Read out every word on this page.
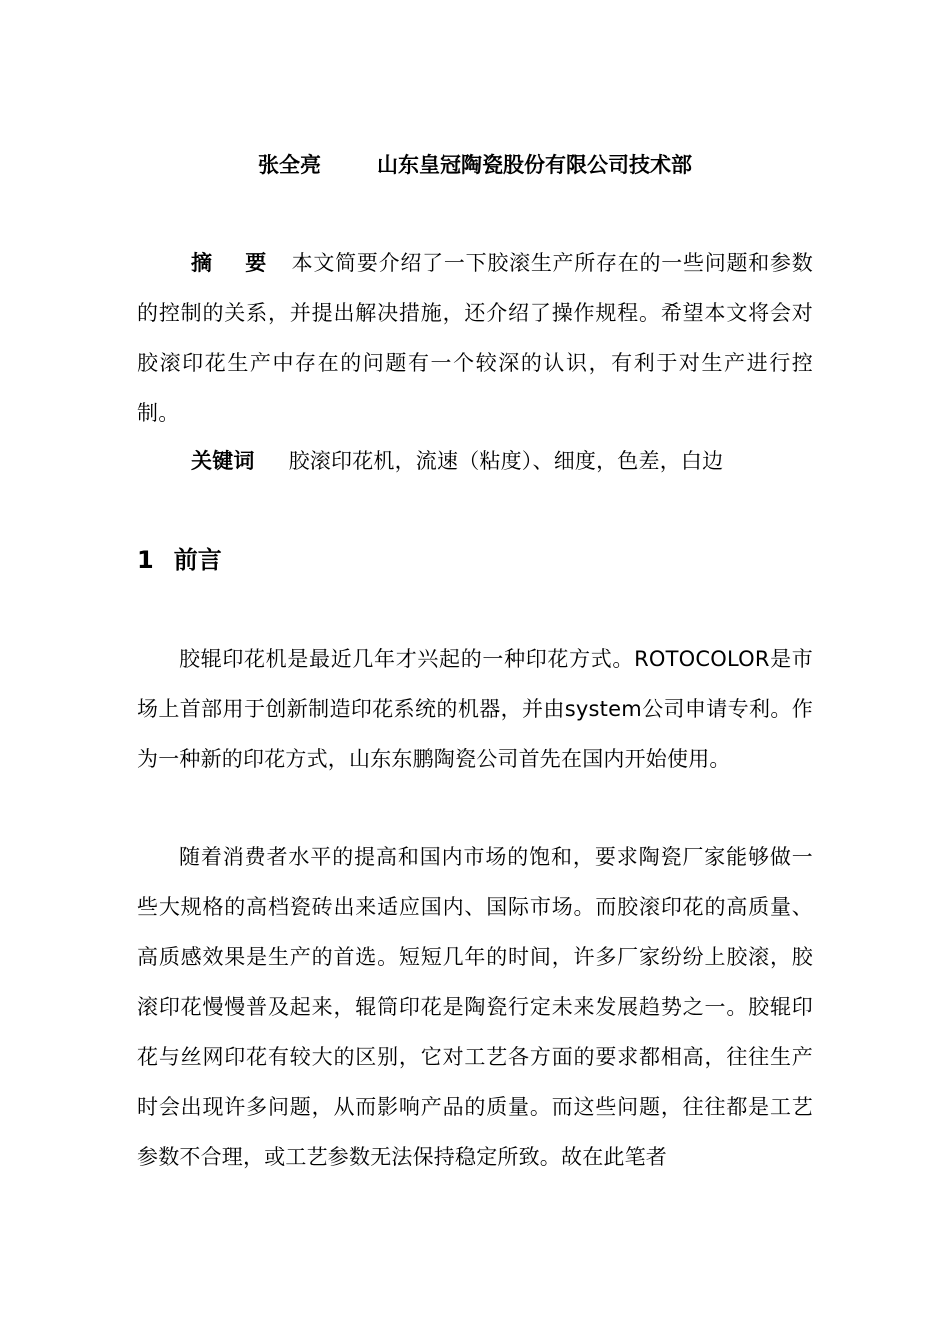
张全亮	山东皇冠陶瓷股份有限公司技术部
摘 要 本文简要介绍了一下胶滚生产所存在的一些问题和参数的控制的关系，并提出解决措施，还介绍了操作规程。希望本文将会对胶滚印花生产中存在的问题有一个较深的认识，有利于对生产进行控制。
关键词 胶滚印花机，流速（粘度）、细度，色差，白边
1 前言
胶辊印花机是最近几年才兴起的一种印花方式。ROTOCOLOR是市场上首部用于创新制造印花系统的机器，并由system公司申请专利。作为一种新的印花方式，山东东鹏陶瓷公司首先在国内开始使用。
随着消费者水平的提高和国内市场的饱和，要求陶瓷厂家能够做一些大规格的高档瓷砖出来适应国内、国际市场。而胶滚印花的高质量、高质感效果是生产的首选。短短几年的时间，许多厂家纷纷上胶滚，胶滚印花慢慢普及起来，辊筒印花是陶瓷行定未来发展趋势之一。胶辊印花与丝网印花有较大的区别，它对工艺各方面的要求都相高，往往生产时会出现许多问题，从而影响产品的质量。而这些问题，往往都是工艺参数不合理，或工艺参数无法保持稳定所致。故在此笔者
